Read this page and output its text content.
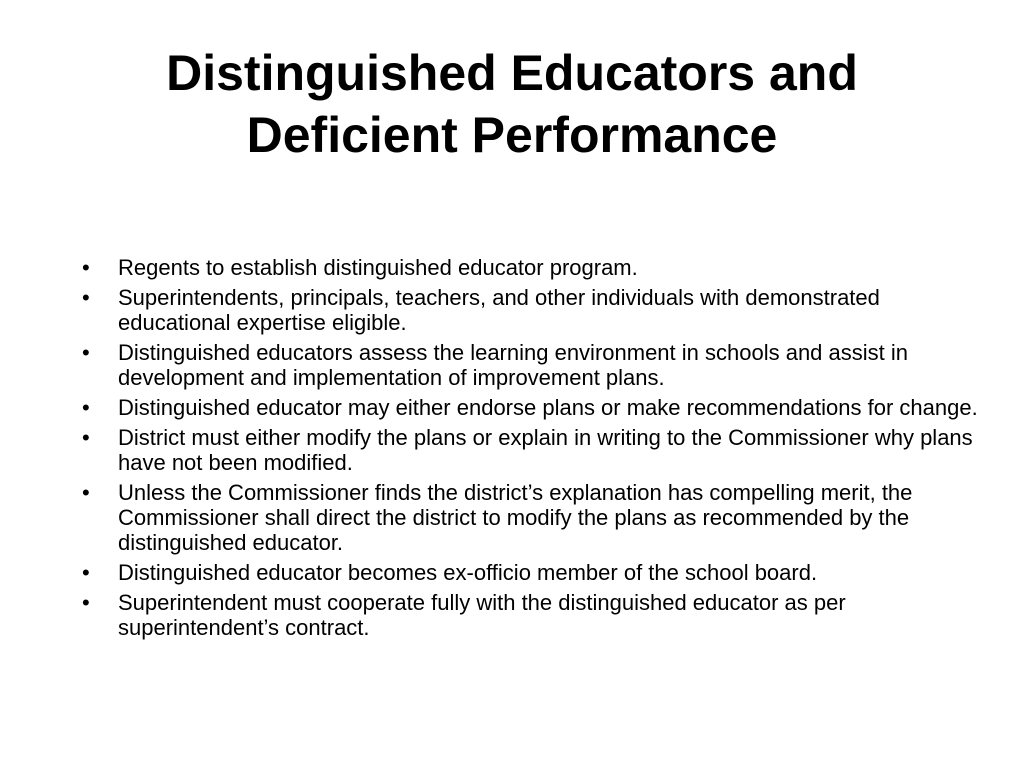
Distinguished Educators and
Deficient Performance
•	Regents to establish distinguished educator program.
•	Superintendents, principals, teachers, and other individuals with demonstrated educational expertise eligible.
•	Distinguished educators assess the learning environment in schools and assist in development and implementation of improvement plans.
•	Distinguished educator may either endorse plans or make recommendations for change.
•	District must either modify the plans or explain in writing to the Commissioner why plans have not been modified.
•	Unless the Commissioner finds the district’s explanation has compelling merit, the Commissioner shall direct the district to modify the plans as recommended by the distinguished educator.
•	Distinguished educator becomes ex-officio member of the school board.
•	Superintendent must cooperate fully with the distinguished educator as per superintendent’s contract.
